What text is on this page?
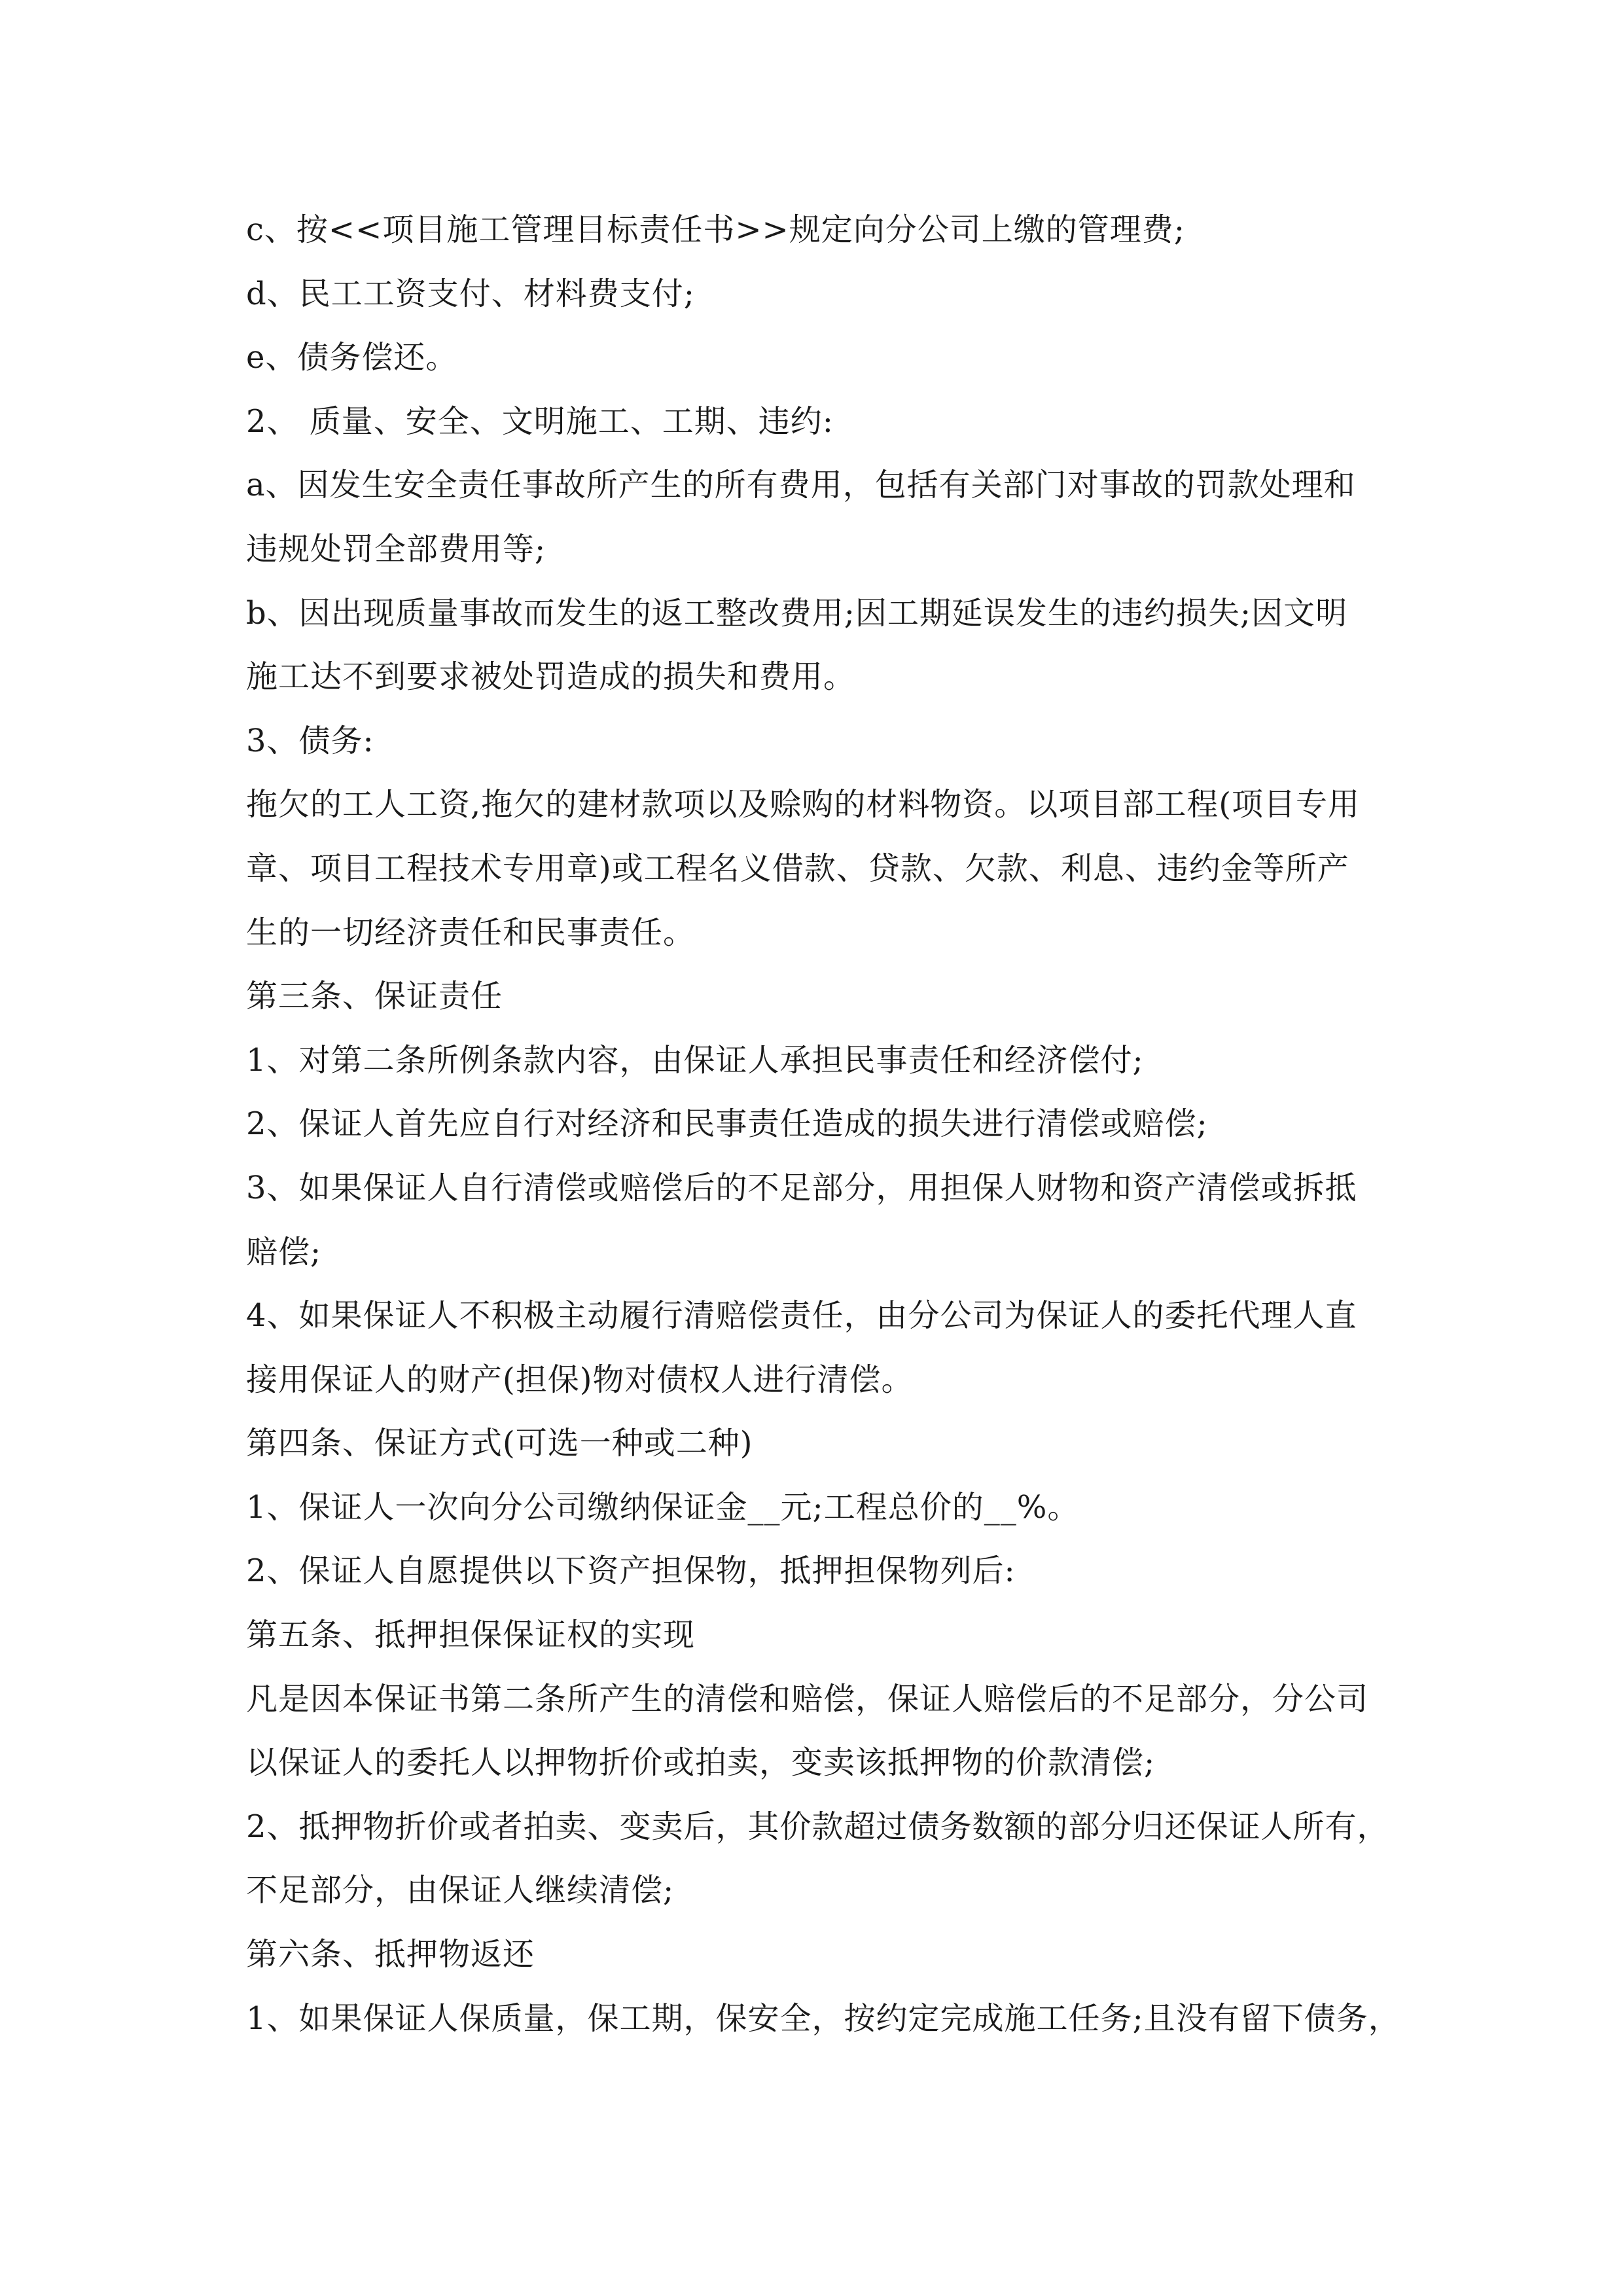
c、按<<项目施工管理目标责任书>>规定向分公司上缴的管理费;
d、民工工资支付、材料费支付;
e、债务偿还。
2、 质量、安全、文明施工、工期、违约:
a、因发生安全责任事故所产生的所有费用，包括有关部门对事故的罚款处理和
违规处罚全部费用等;
b、因出现质量事故而发生的返工整改费用;因工期延误发生的违约损失;因文明
施工达不到要求被处罚造成的损失和费用。
3、债务:
拖欠的工人工资,拖欠的建材款项以及赊购的材料物资。以项目部工程(项目专用
章、项目工程技术专用章)或工程名义借款、贷款、欠款、利息、违约金等所产
生的一切经济责任和民事责任。
第三条、保证责任
1、对第二条所例条款内容，由保证人承担民事责任和经济偿付;
2、保证人首先应自行对经济和民事责任造成的损失进行清偿或赔偿;
3、如果保证人自行清偿或赔偿后的不足部分，用担保人财物和资产清偿或拆抵
赔偿;
4、如果保证人不积极主动履行清赔偿责任，由分公司为保证人的委托代理人直
接用保证人的财产(担保)物对债权人进行清偿。
第四条、保证方式(可选一种或二种)
1、保证人一次向分公司缴纳保证金__元;工程总价的__%。
2、保证人自愿提供以下资产担保物，抵押担保物列后:
第五条、抵押担保保证权的实现
凡是因本保证书第二条所产生的清偿和赔偿，保证人赔偿后的不足部分，分公司
以保证人的委托人以押物折价或拍卖，变卖该抵押物的价款清偿;
2、抵押物折价或者拍卖、变卖后，其价款超过债务数额的部分归还保证人所有，
不足部分，由保证人继续清偿;
第六条、抵押物返还
1、如果保证人保质量，保工期，保安全，按约定完成施工任务;且没有留下债务，
